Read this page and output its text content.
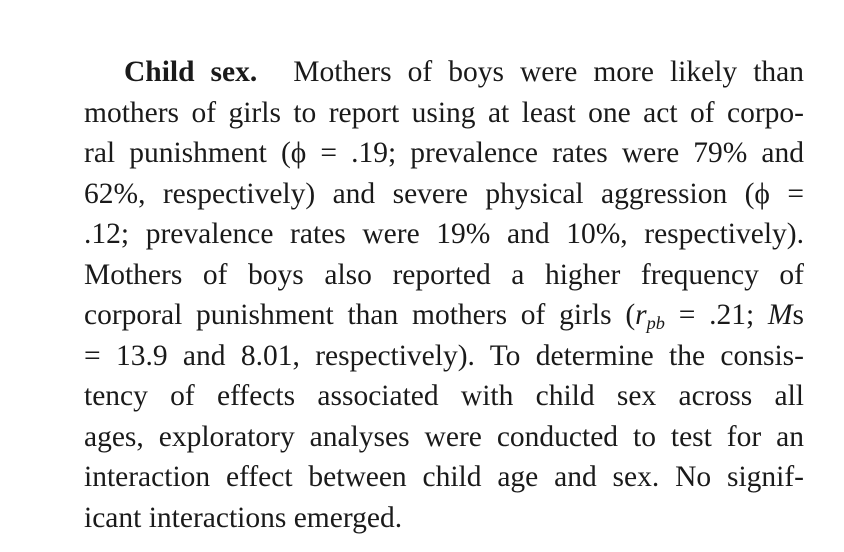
Child sex. Mothers of boys were more likely than
mothers of girls to report using at least one act of corpo-
ral punishment (ϕ = .19; prevalence rates were 79% and
62%, respectively) and severe physical aggression (ϕ =
.12; prevalence rates were 19% and 10%, respectively).
Mothers of boys also reported a higher frequency of
corporal punishment than mothers of girls ($r_{pb} = .21$; Ms
= 13.9 and 8.01, respectively). To determine the consis-
tency of effects associated with child sex across all
ages, exploratory analyses were conducted to test for an
interaction effect between child age and sex. No signif-
icant interactions emerged.
